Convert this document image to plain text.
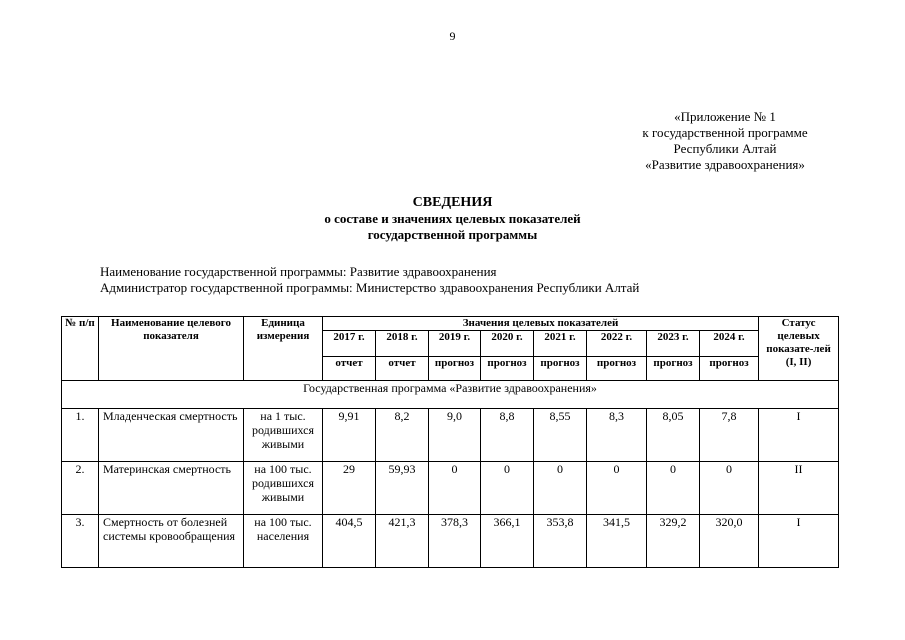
9
«Приложение № 1
к государственной программе
Республики Алтай
«Развитие здравоохранения»
СВЕДЕНИЯ
о составе и значениях целевых показателей
государственной программы
Наименование государственной программы: Развитие здравоохранения
Администратор государственной программы: Министерство здравоохранения Республики Алтай
№ п/п	Наименование целевого показателя	Единица измерения	Значения целевых показателей								Статус целевых показате-лей (I, II)
			2017 г.	2018 г.	2019 г.	2020 г.	2021 г.	2022 г.	2023 г.	2024 г.	
			отчет	отчет	прогноз	прогноз	прогноз	прогноз	прогноз	прогноз	
Государственная программа «Развитие здравоохранения»											
1.	Младенческая смертность	на 1 тыс. родившихся живыми	9,91	8,2	9,0	8,8	8,55	8,3	8,05	7,8	I
2.	Материнская смертность	на 100 тыс. родившихся живыми	29	59,93	0	0	0	0	0	0	II
3.	Смертность от болезней системы кровообращения	на 100 тыс. населения	404,5	421,3	378,3	366,1	353,8	341,5	329,2	320,0	I
